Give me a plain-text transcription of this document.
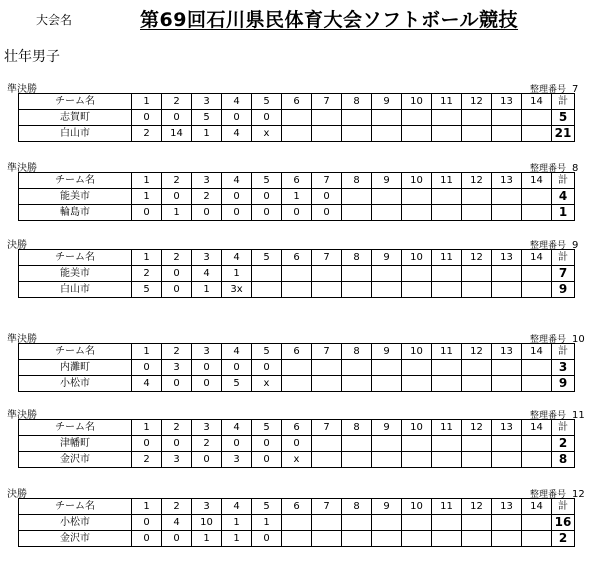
大会名	第69回石川県民体育大会ソフトボール競技
壮年男子
準決勝	整理番号 7
チーム名	1	2	3	4	5	6	7	8	9	10	11	12	13	14	計
志賀町	0	0	5	0	0										5
白山市	2	14	1	4	x										21
準決勝	整理番号 8
チーム名	1	2	3	4	5	6	7	8	9	10	11	12	13	14	計
能美市	1	0	2	0	0	1	0								4
輪島市	0	1	0	0	0	0	0								1
決勝	整理番号 9
チーム名	1	2	3	4	5	6	7	8	9	10	11	12	13	14	計
能美市	2	0	4	1											7
白山市	5	0	1	3x											9
準決勝	整理番号 10
チーム名	1	2	3	4	5	6	7	8	9	10	11	12	13	14	計
内灘町	0	3	0	0	0										3
小松市	4	0	0	5	x										9
準決勝	整理番号 11
チーム名	1	2	3	4	5	6	7	8	9	10	11	12	13	14	計
津幡町	0	0	2	0	0	0									2
金沢市	2	3	0	3	0	x									8
決勝	整理番号 12
チーム名	1	2	3	4	5	6	7	8	9	10	11	12	13	14	計
小松市	0	4	10	1	1										16
金沢市	0	0	1	1	0										2
